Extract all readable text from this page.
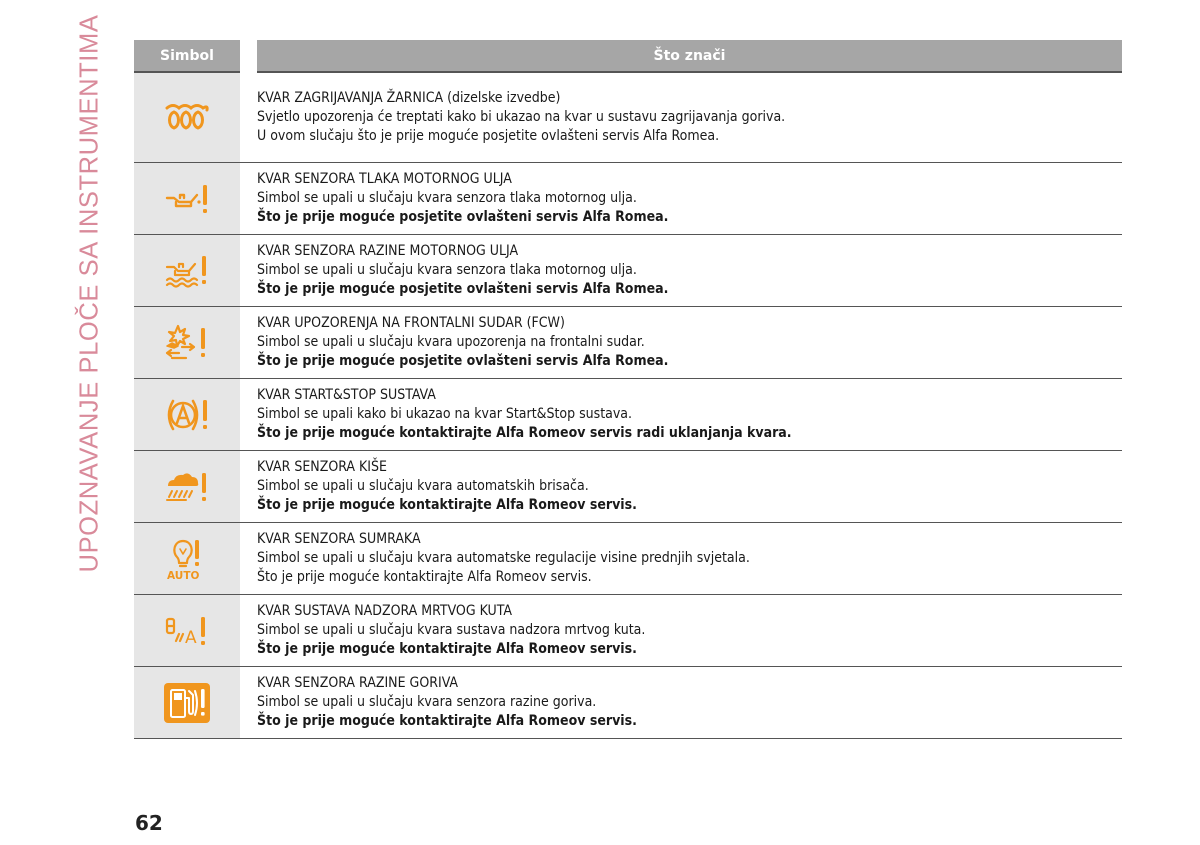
UPOZNAVANJE PLOČE SA INSTRUMENTIMA	Simbol	Što znači
KVAR ZAGRIJAVANJA ŽARNICA (dizelske izvedbe)
Svjetlo upozorenja će treptati kako bi ukazao na kvar u sustavu zagrijavanja goriva.
U ovom slučaju što je prije moguće posjetite ovlašteni servis Alfa Romea.
KVAR SENZORA TLAKA MOTORNOG ULJA
Simbol se upali u slučaju kvara senzora tlaka motornog ulja.
Što je prije moguće posjetite ovlašteni servis Alfa Romea.
KVAR SENZORA RAZINE MOTORNOG ULJA
Simbol se upali u slučaju kvara senzora tlaka motornog ulja.
Što je prije moguće posjetite ovlašteni servis Alfa Romea.
KVAR UPOZORENJA NA FRONTALNI SUDAR (FCW)
Simbol se upali u slučaju kvara upozorenja na frontalni sudar.
Što je prije moguće posjetite ovlašteni servis Alfa Romea.
KVAR START&STOP SUSTAVA
Simbol se upali kako bi ukazao na kvar Start&Stop sustava.
Što je prije moguće kontaktirajte Alfa Romeov servis radi uklanjanja kvara.
KVAR SENZORA KIŠE
Simbol se upali u slučaju kvara automatskih brisača.
Što je prije moguće kontaktirajte Alfa Romeov servis.
AUTO
KVAR SENZORA SUMRAKA
Simbol se upali u slučaju kvara automatske regulacije visine prednjih svjetala.
Što je prije moguće kontaktirajte Alfa Romeov servis.
A
KVAR SUSTAVA NADZORA MRTVOG KUTA
Simbol se upali u slučaju kvara sustava nadzora mrtvog kuta.
Što je prije moguće kontaktirajte Alfa Romeov servis.
KVAR SENZORA RAZINE GORIVA
Simbol se upali u slučaju kvara senzora razine goriva.
Što je prije moguće kontaktirajte Alfa Romeov servis.
62
